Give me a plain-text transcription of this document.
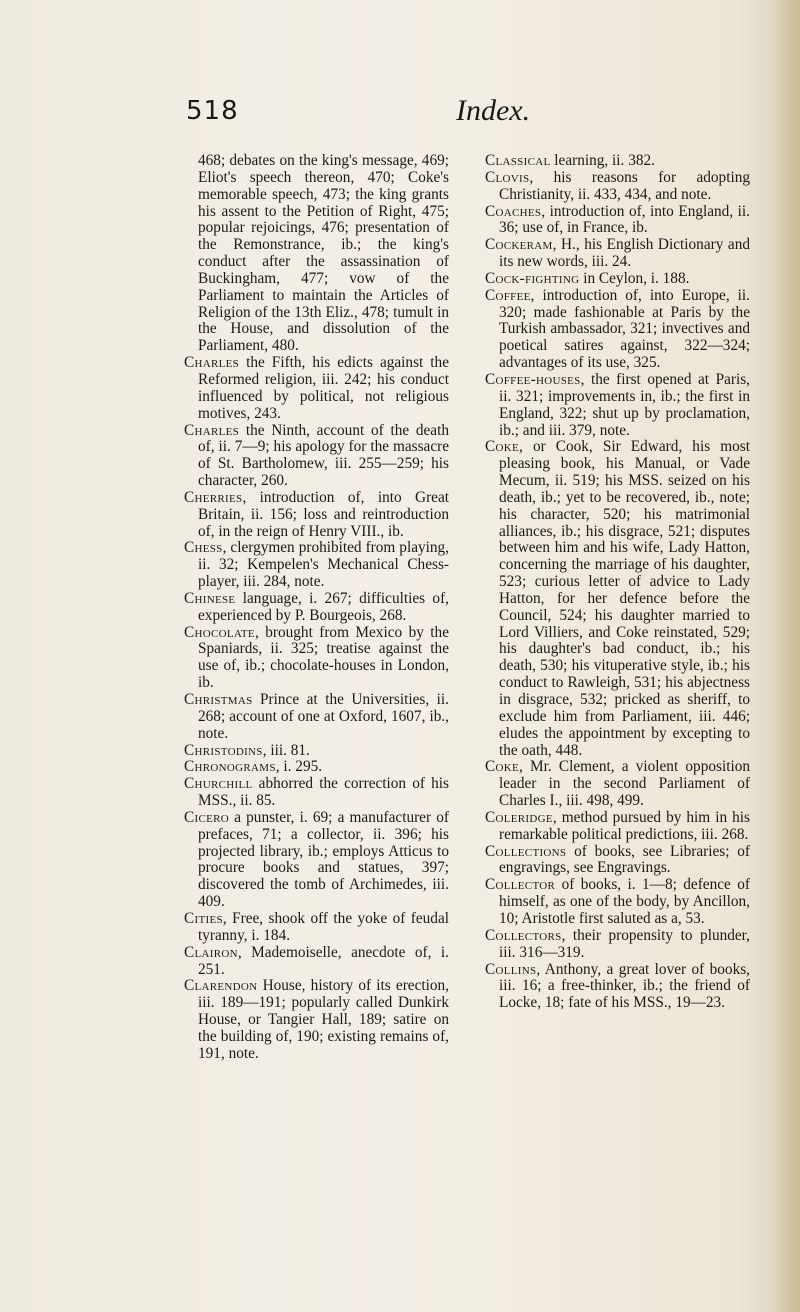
518	Index.

468; debates on the king's message, 469; Eliot's speech thereon, 470; Coke's memorable speech, 473; the king grants his assent to the Petition of Right, 475; popular rejoicings, 476; presentation of the Remonstrance, ib.; the king's conduct after the assassination of Buckingham, 477; vow of the Parliament to maintain the Articles of Religion of the 13th Eliz., 478; tumult in the House, and dissolution of the Parliament, 480.

Charles the Fifth, his edicts against the Reformed religion, iii. 242; his conduct influenced by political, not religious motives, 243.

Charles the Ninth, account of the death of, ii. 7—9; his apology for the massacre of St. Bartholomew, iii. 255—259; his character, 260.

Cherries, introduction of, into Great Britain, ii. 156; loss and reintroduction of, in the reign of Henry VIII., ib.

Chess, clergymen prohibited from playing, ii. 32; Kempelen's Mechanical Chess-player, iii. 284, note.

Chinese language, i. 267; difficulties of, experienced by P. Bourgeois, 268.

Chocolate, brought from Mexico by the Spaniards, ii. 325; treatise against the use of, ib.; chocolate-houses in London, ib.

Christmas Prince at the Universities, ii. 268; account of one at Oxford, 1607, ib., note.

Christodins, iii. 81.

Chronograms, i. 295.

Churchill abhorred the correction of his MSS., ii. 85.

Cicero a punster, i. 69; a manufacturer of prefaces, 71; a collector, ii. 396; his projected library, ib.; employs Atticus to procure books and statues, 397; discovered the tomb of Archimedes, iii. 409.

Cities, Free, shook off the yoke of feudal tyranny, i. 184.

Clairon, Mademoiselle, anecdote of, i. 251.

Clarendon House, history of its erection, iii. 189—191; popularly called Dunkirk House, or Tangier Hall, 189; satire on the building of, 190; existing remains of, 191, note.

Classical learning, ii. 382.

Clovis, his reasons for adopting Christianity, ii. 433, 434, and note.

Coaches, introduction of, into England, ii. 36; use of, in France, ib.

Cockeram, H., his English Dictionary and its new words, iii. 24.

Cock-fighting in Ceylon, i. 188.

Coffee, introduction of, into Europe, ii. 320; made fashionable at Paris by the Turkish ambassador, 321; invectives and poetical satires against, 322—324; advantages of its use, 325.

Coffee-houses, the first opened at Paris, ii. 321; improvements in, ib.; the first in England, 322; shut up by proclamation, ib.; and iii. 379, note.

Coke, or Cook, Sir Edward, his most pleasing book, his Manual, or Vade Mecum, ii. 519; his MSS. seized on his death, ib.; yet to be recovered, ib., note; his character, 520; his matrimonial alliances, ib.; his disgrace, 521; disputes between him and his wife, Lady Hatton, concerning the marriage of his daughter, 523; curious letter of advice to Lady Hatton, for her defence before the Council, 524; his daughter married to Lord Villiers, and Coke reinstated, 529; his daughter's bad conduct, ib.; his death, 530; his vituperative style, ib.; his conduct to Rawleigh, 531; his abjectness in disgrace, 532; pricked as sheriff, to exclude him from Parliament, iii. 446; eludes the appointment by excepting to the oath, 448.

Coke, Mr. Clement, a violent opposition leader in the second Parliament of Charles I., iii. 498, 499.

Coleridge, method pursued by him in his remarkable political predictions, iii. 268.

Collections of books, see Libraries; of engravings, see Engravings.

Collector of books, i. 1—8; defence of himself, as one of the body, by Ancillon, 10; Aristotle first saluted as a, 53.

Collectors, their propensity to plunder, iii. 316—319.

Collins, Anthony, a great lover of books, iii. 16; a free-thinker, ib.; the friend of Locke, 18; fate of his MSS., 19—23.
